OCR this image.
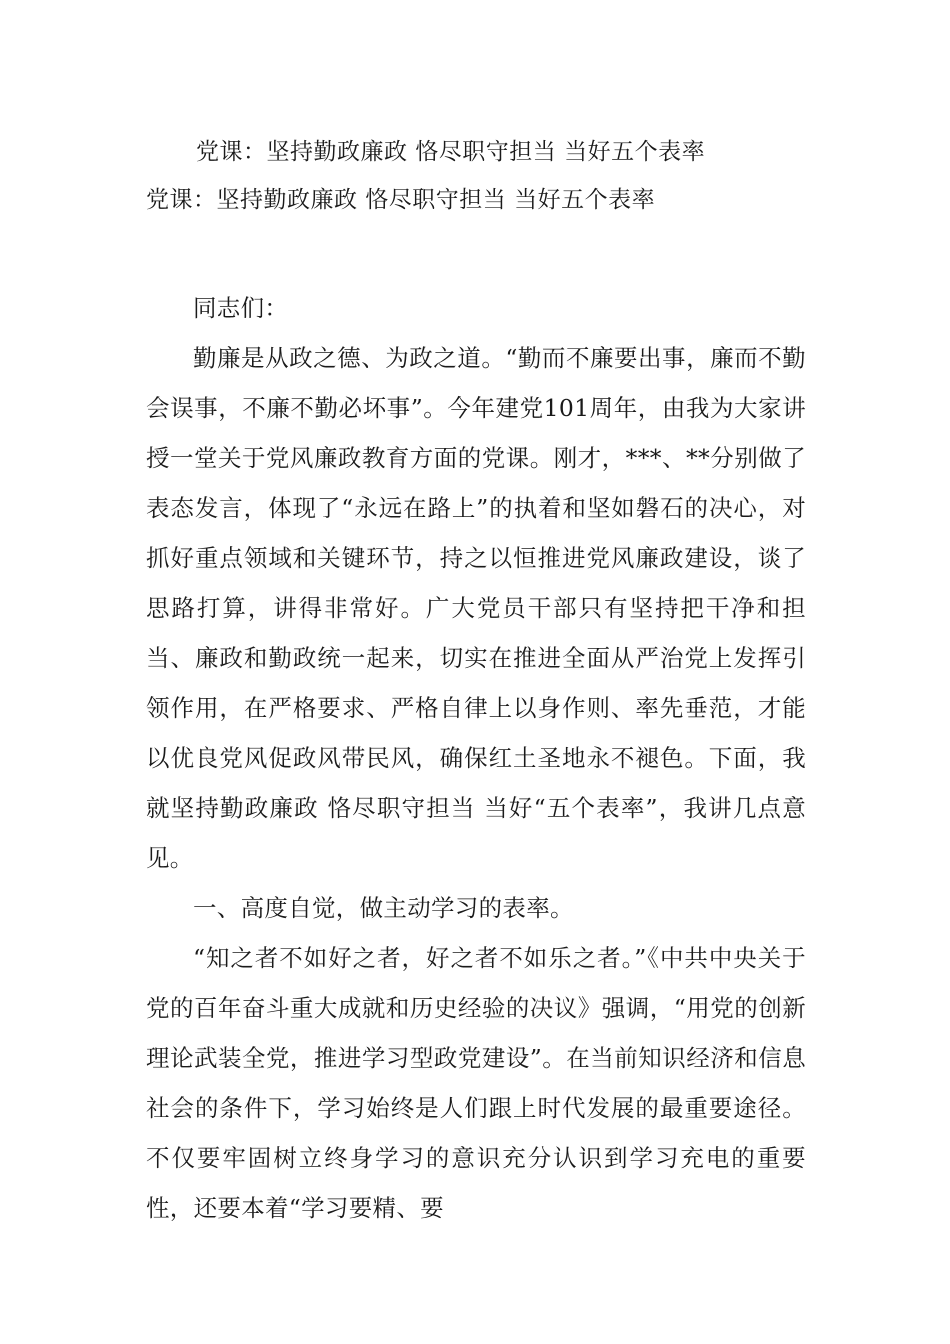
党课：坚持勤政廉政 恪尽职守担当 当好五个表率
党课：坚持勤政廉政 恪尽职守担当 当好五个表率

同志们：

勤廉是从政之德、为政之道。“勤而不廉要出事，廉而不勤会误事，不廉不勤必坏事”。今年建党101周年，由我为大家讲授一堂关于党风廉政教育方面的党课。刚才，***、**分别做了表态发言，体现了“永远在路上”的执着和坚如磐石的决心，对抓好重点领域和关键环节，持之以恒推进党风廉政建设，谈了思路打算，讲得非常好。广大党员干部只有坚持把干净和担当、廉政和勤政统一起来，切实在推进全面从严治党上发挥引领作用，在严格要求、严格自律上以身作则、率先垂范，才能以优良党风促政风带民风，确保红土圣地永不褪色。下面，我就坚持勤政廉政 恪尽职守担当 当好“五个表率”，我讲几点意见。

一、高度自觉，做主动学习的表率。

“知之者不如好之者，好之者不如乐之者。”《中共中央关于党的百年奋斗重大成就和历史经验的决议》强调，“用党的创新理论武装全党，推进学习型政党建设”。在当前知识经济和信息社会的条件下，学习始终是人们跟上时代发展的最重要途径。不仅要牢固树立终身学习的意识充分认识到学习充电的重要性，还要本着“学习要精、要
